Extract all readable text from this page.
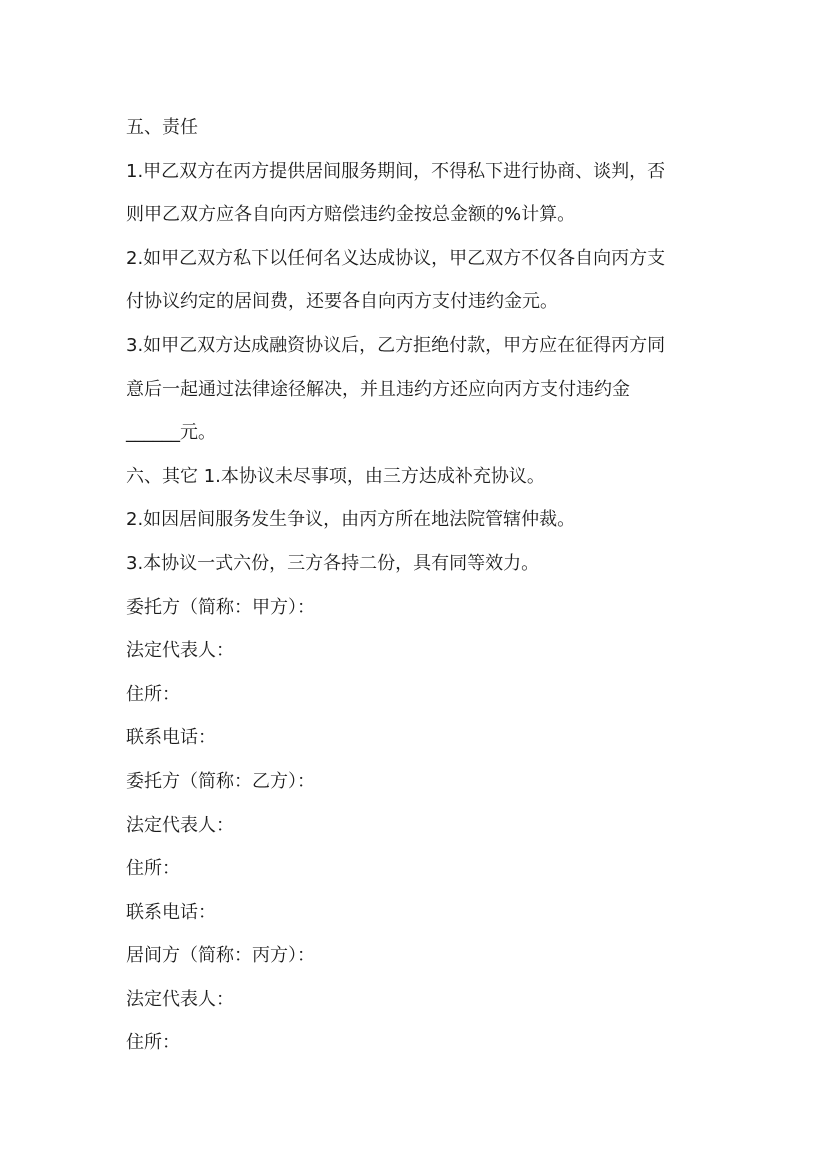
五、责任
1.甲乙双方在丙方提供居间服务期间，不得私下进行协商、谈判，否
则甲乙双方应各自向丙方赔偿违约金按总金额的%计算。
2.如甲乙双方私下以任何名义达成协议，甲乙双方不仅各自向丙方支
付协议约定的居间费，还要各自向丙方支付违约金元。
3.如甲乙双方达成融资协议后，乙方拒绝付款，甲方应在征得丙方同
意后一起通过法律途径解决，并且违约方还应向丙方支付违约金
______元。
六、其它 1.本协议未尽事项，由三方达成补充协议。
2.如因居间服务发生争议，由丙方所在地法院管辖仲裁。
3.本协议一式六份，三方各持二份，具有同等效力。
委托方（简称：甲方）：
法定代表人：
住所：
联系电话：
委托方（简称：乙方）：
法定代表人：
住所：
联系电话：
居间方（简称：丙方）：
法定代表人：
住所：
